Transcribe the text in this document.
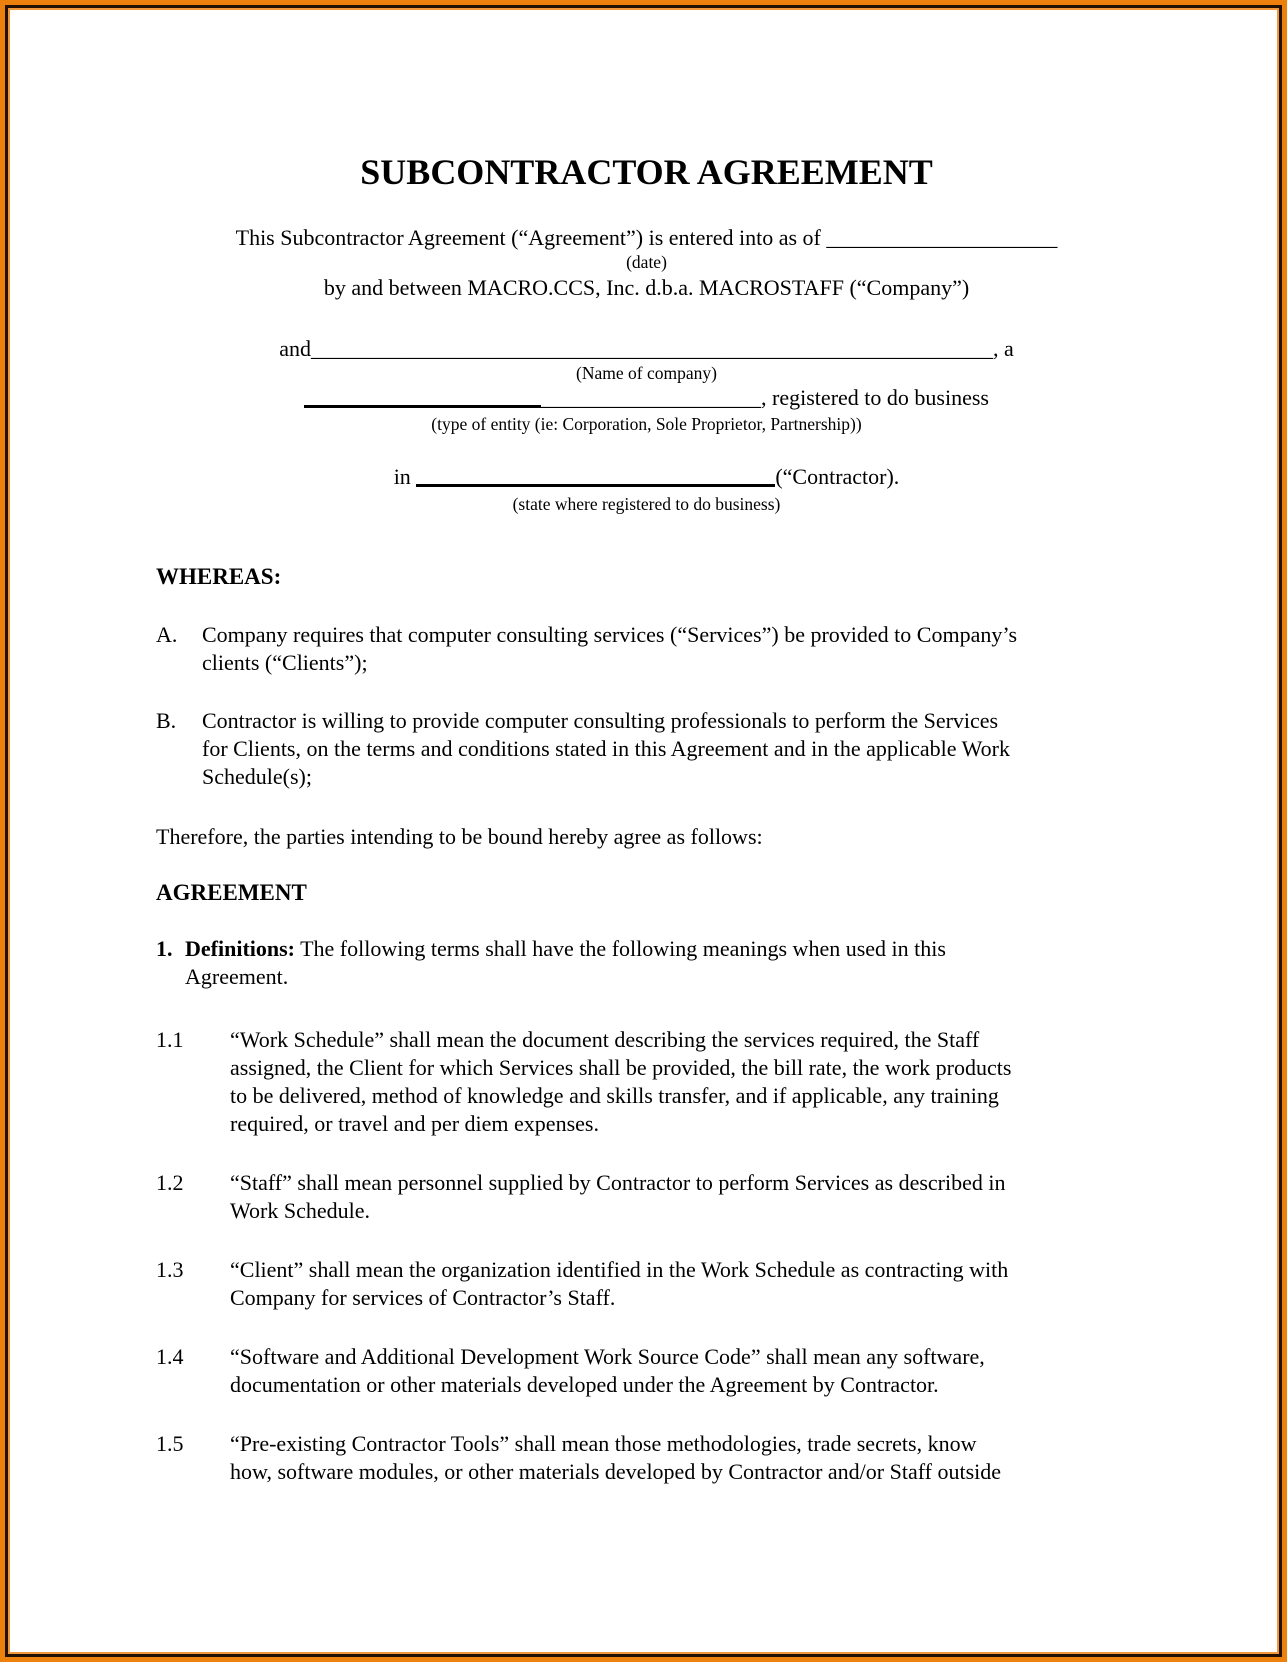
SUBCONTRACTOR AGREEMENT
This Subcontractor Agreement (“Agreement”) is entered into as of _____________________
(date)
by and between MACRO.CCS, Inc. d.b.a. MACROSTAFF (“Company”)
and______________________________________________________________, a
(Name of company)
____________________, registered to do business
(type of entity (ie: Corporation, Sole Proprietor, Partnership))
in	(“Contractor).
(state where registered to do business)
WHEREAS:
A. Company requires that computer consulting services (“Services”) be provided to Company’s
clients (“Clients”);
B. Contractor is willing to provide computer consulting professionals to perform the Services
for Clients, on the terms and conditions stated in this Agreement and in the applicable Work
Schedule(s);
Therefore, the parties intending to be bound hereby agree as follows:
AGREEMENT
1. Definitions: The following terms shall have the following meanings when used in this
Agreement.
1.1 “Work Schedule” shall mean the document describing the services required, the Staff
assigned, the Client for which Services shall be provided, the bill rate, the work products
to be delivered, method of knowledge and skills transfer, and if applicable, any training
required, or travel and per diem expenses.
1.2 “Staff” shall mean personnel supplied by Contractor to perform Services as described in
Work Schedule.
1.3 “Client” shall mean the organization identified in the Work Schedule as contracting with
Company for services of Contractor’s Staff.
1.4 “Software and Additional Development Work Source Code” shall mean any software,
documentation or other materials developed under the Agreement by Contractor.
1.5 “Pre-existing Contractor Tools” shall mean those methodologies, trade secrets, know
how, software modules, or other materials developed by Contractor and/or Staff outside
